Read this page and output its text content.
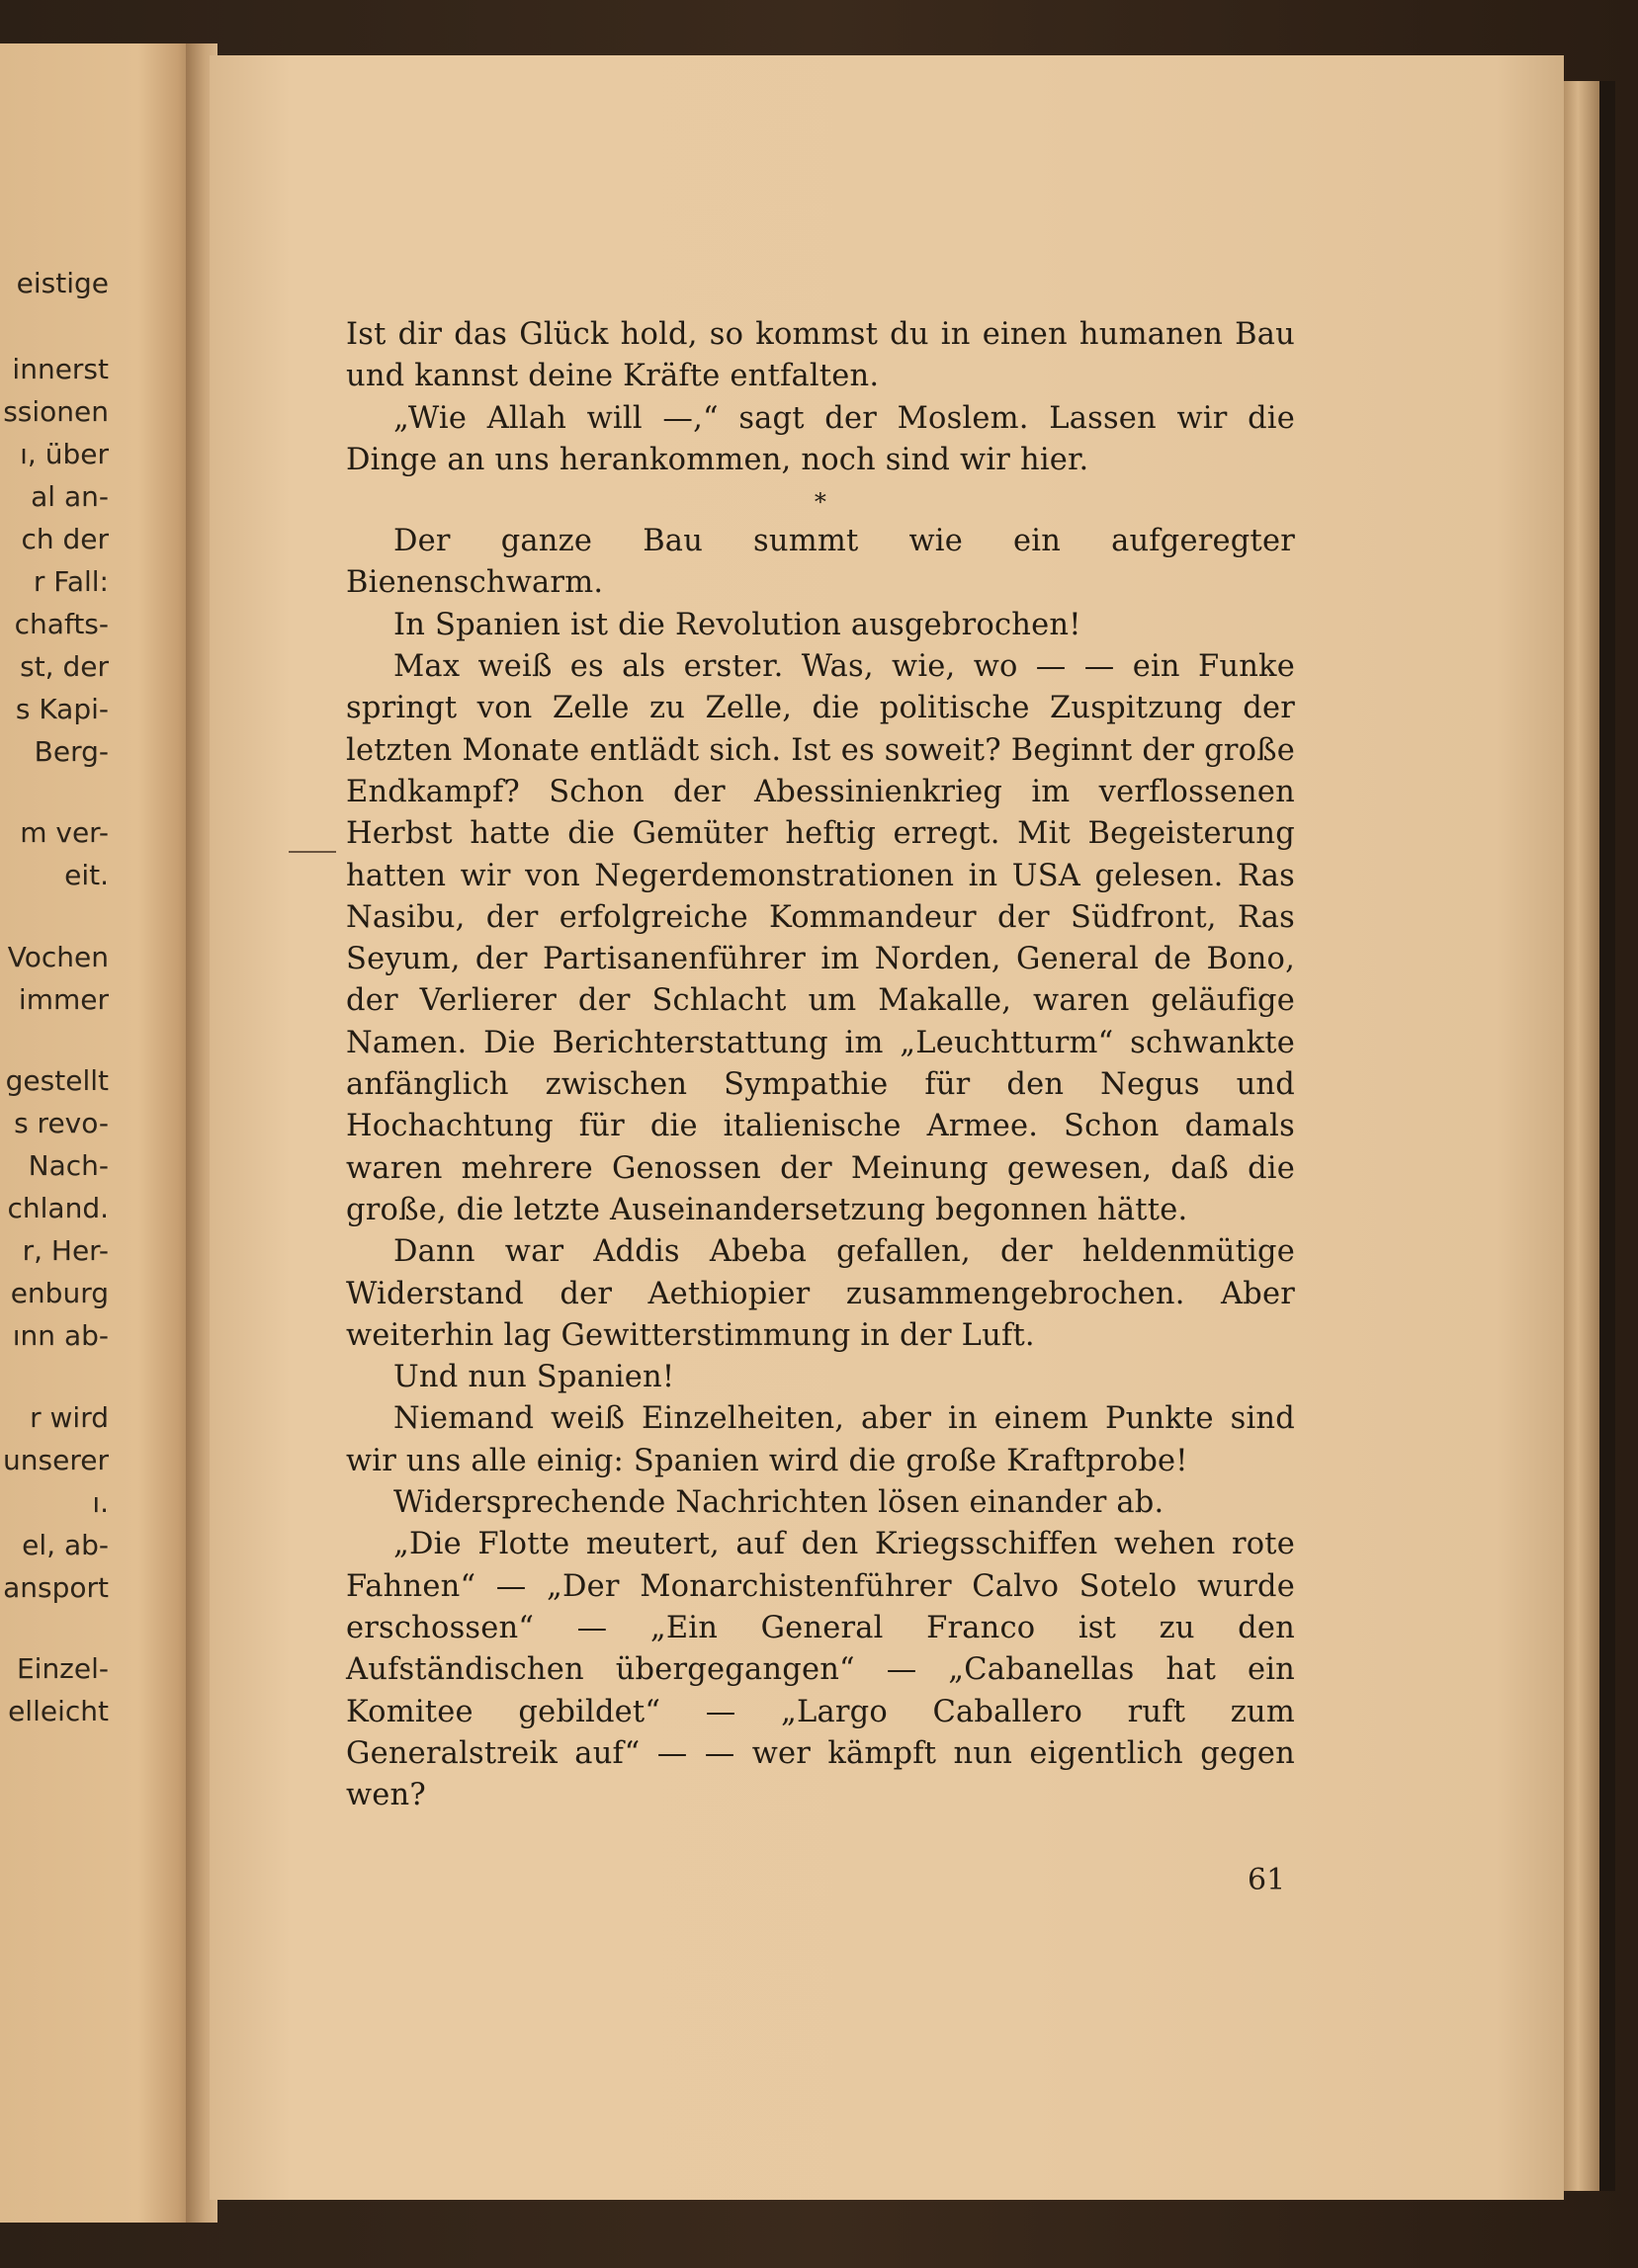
eistige
innerst
ssionen
ı, über
al an-
ch der
r Fall:
chafts-
st, der
s Kapi-
Berg-
m ver-
eit.
Vochen
immer
gestellt
s revo-
Nach-
chland.
r, Her-
enburg
ınn ab-
r wird
unserer
ı.
el, ab-
ansport
Einzel-
elleicht

Ist dir das Glück hold, so kommst du in einen humanen Bau und kannst deine Kräfte entfalten.

„Wie Allah will —,“ sagt der Moslem. Lassen wir die Dinge an uns herankommen, noch sind wir hier.

*

Der ganze Bau summt wie ein aufgeregter Bienenschwarm.

In Spanien ist die Revolution ausgebrochen!

Max weiß es als erster. Was, wie, wo — — ein Funke springt von Zelle zu Zelle, die politische Zuspitzung der letzten Monate entlädt sich. Ist es soweit? Beginnt der große Endkampf? Schon der Abessinienkrieg im verflossenen Herbst hatte die Gemüter heftig erregt. Mit Begeisterung hatten wir von Negerdemonstrationen in USA gelesen. Ras Nasibu, der erfolgreiche Kommandeur der Südfront, Ras Seyum, der Partisanenführer im Norden, General de Bono, der Verlierer der Schlacht um Makalle, waren geläufige Namen. Die Berichterstattung im „Leuchtturm“ schwankte anfänglich zwischen Sympathie für den Negus und Hochachtung für die italienische Armee. Schon damals waren mehrere Genossen der Meinung gewesen, daß die große, die letzte Auseinandersetzung begonnen hätte.

Dann war Addis Abeba gefallen, der heldenmütige Widerstand der Aethiopier zusammengebrochen. Aber weiterhin lag Gewitterstimmung in der Luft.

Und nun Spanien!

Niemand weiß Einzelheiten, aber in einem Punkte sind wir uns alle einig: Spanien wird die große Kraftprobe!

Widersprechende Nachrichten lösen einander ab.

„Die Flotte meutert, auf den Kriegsschiffen wehen rote Fahnen“ — „Der Monarchistenführer Calvo Sotelo wurde erschossen“ — „Ein General Franco ist zu den Aufständischen übergegangen“ — „Cabanellas hat ein Komitee gebildet“ — „Largo Caballero ruft zum Generalstreik auf“ — — wer kämpft nun eigentlich gegen wen?

61
